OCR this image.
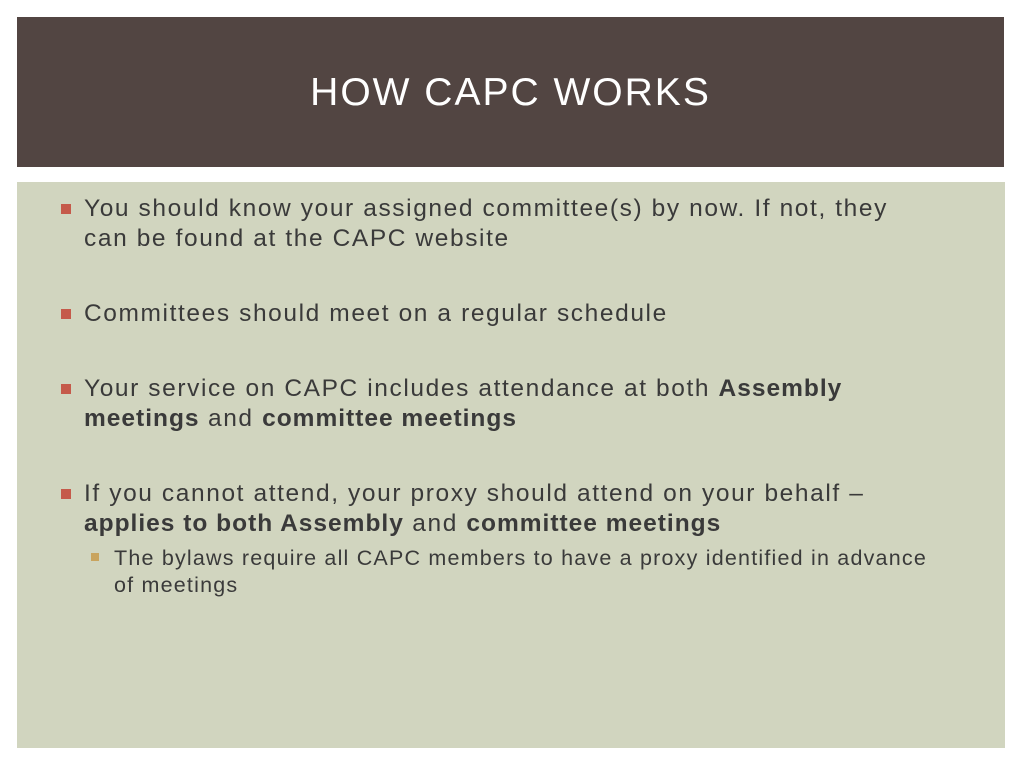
HOW CAPC WORKS
You should know your assigned committee(s) by now. If not, they can be found at the CAPC website
Committees should meet on a regular schedule
Your service on CAPC includes attendance at both Assembly meetings and committee meetings
If you cannot attend, your proxy should attend on your behalf – applies to both Assembly and committee meetings
The bylaws require all CAPC members to have a proxy identified in advance of meetings
